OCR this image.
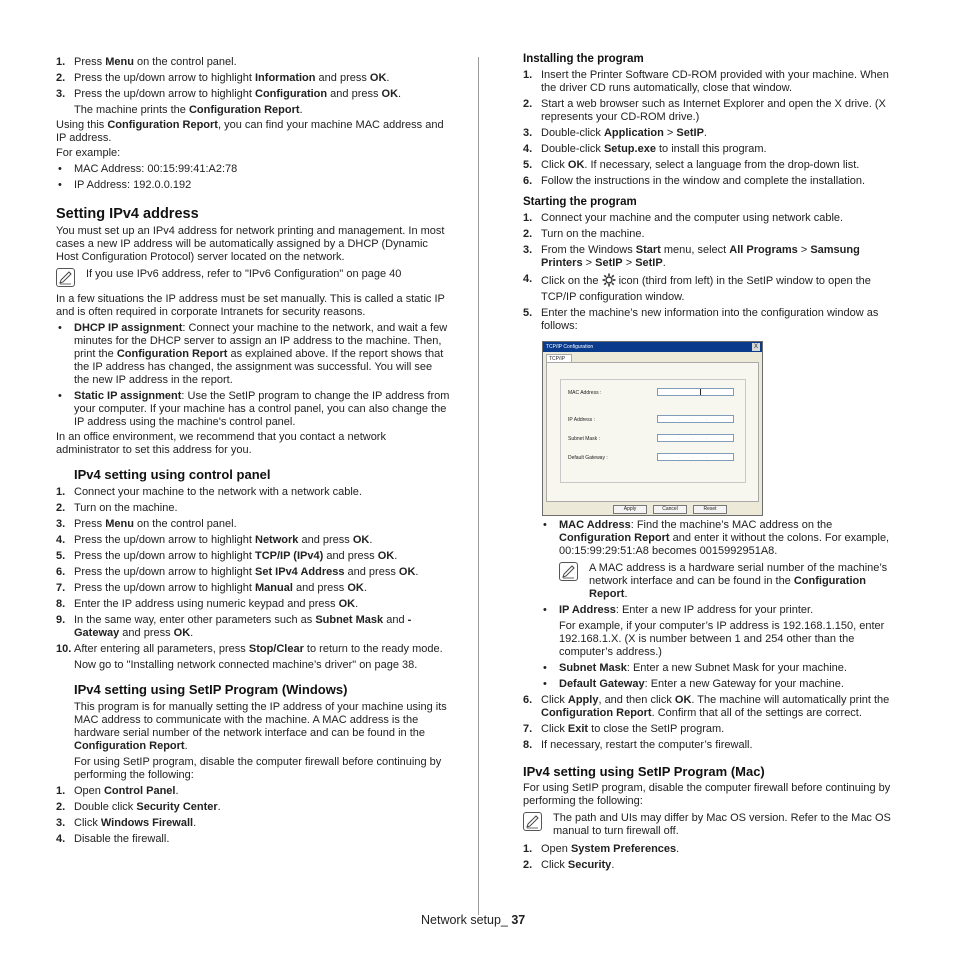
1. Press Menu on the control panel.

2. Press the up/down arrow to highlight Information and press OK.

3. Press the up/down arrow to highlight Configuration and press OK.

The machine prints the Configuration Report.

Using this Configuration Report, you can find your machine MAC address and IP address.

For example:

• MAC Address: 00:15:99:41:A2:78

• IP Address: 192.0.0.192

Setting IPv4 address

You must set up an IPv4 address for network printing and management. In most cases a new IP address will be automatically assigned by a DHCP (Dynamic Host Configuration Protocol) server located on the network.

If you use IPv6 address, refer to "IPv6 Configuration" on page 40

In a few situations the IP address must be set manually. This is called a static IP and is often required in corporate Intranets for security reasons.

• DHCP IP assignment: Connect your machine to the network, and wait a few minutes for the DHCP server to assign an IP address to the machine. Then, print the Configuration Report as explained above. If the report shows that the IP address has changed, the assignment was successful. You will see the new IP address in the report.

• Static IP assignment: Use the SetIP program to change the IP address from your computer. If your machine has a control panel, you can also change the IP address using the machine's control panel.

In an office environment, we recommend that you contact a network administrator to set this address for you.

IPv4 setting using control panel

1. Connect your machine to the network with a network cable.

2. Turn on the machine.

3. Press Menu on the control panel.

4. Press the up/down arrow to highlight Network and press OK.

5. Press the up/down arrow to highlight TCP/IP (IPv4) and press OK.

6. Press the up/down arrow to highlight Set IPv4 Address and press OK.

7. Press the up/down arrow to highlight Manual and press OK.

8. Enter the IP address using numeric keypad and press OK.

9. In the same way, enter other parameters such as Subnet Mask and -Gateway and press OK.

10. After entering all parameters, press Stop/Clear to return to the ready mode.

Now go to "Installing network connected machine’s driver" on page 38.

IPv4 setting using SetIP Program (Windows)

This program is for manually setting the IP address of your machine using its MAC address to communicate with the machine. A MAC address is the hardware serial number of the network interface and can be found in the Configuration Report.

For using SetIP program, disable the computer firewall before continuing by performing the following:

1. Open Control Panel.

2. Double click Security Center.

3. Click Windows Firewall.

4. Disable the firewall.

Installing the program

1. Insert the Printer Software CD-ROM provided with your machine. When the driver CD runs automatically, close that window.

2. Start a web browser such as Internet Explorer and open the X drive. (X represents your CD-ROM drive.)

3. Double-click Application > SetIP.

4. Double-click Setup.exe to install this program.

5. Click OK. If necessary, select a language from the drop-down list.

6. Follow the instructions in the window and complete the installation.

Starting the program

1. Connect your machine and the computer using network cable.

2. Turn on the machine.

3. From the Windows Start menu, select All Programs > Samsung Printers > SetIP > SetIP.

4. Click on the  icon (third from left) in the SetIP window to open the TCP/IP configuration window.

5. Enter the machine’s new information into the configuration window as follows:

TCP/IP Configuration	X
TCP/IP
MAC Address :
IP Address :	. . .
Subnet Mask :	. . .
Default Gateway :	. . .
Apply	Cancel	Reset

• MAC Address: Find the machine’s MAC address on the Configuration Report and enter it without the colons. For example, 00:15:99:29:51:A8 becomes 0015992951A8.

A MAC address is a hardware serial number of the machine’s network interface and can be found in the Configuration Report.

• IP Address: Enter a new IP address for your printer.

For example, if your computer’s IP address is 192.168.1.150, enter 192.168.1.X. (X is number between 1 and 254 other than the computer’s address.)

• Subnet Mask: Enter a new Subnet Mask for your machine.

• Default Gateway: Enter a new Gateway for your machine.

6. Click Apply, and then click OK. The machine will automatically print the Configuration Report. Confirm that all of the settings are correct.

7. Click Exit to close the SetIP program.

8. If necessary, restart the computer’s firewall.

IPv4 setting using SetIP Program (Mac)

For using SetIP program, disable the computer firewall before continuing by performing the following:

The path and UIs may differ by Mac OS version. Refer to the Mac OS manual to turn firewall off.

1. Open System Preferences.

2. Click Security.

Network setup_ 37
